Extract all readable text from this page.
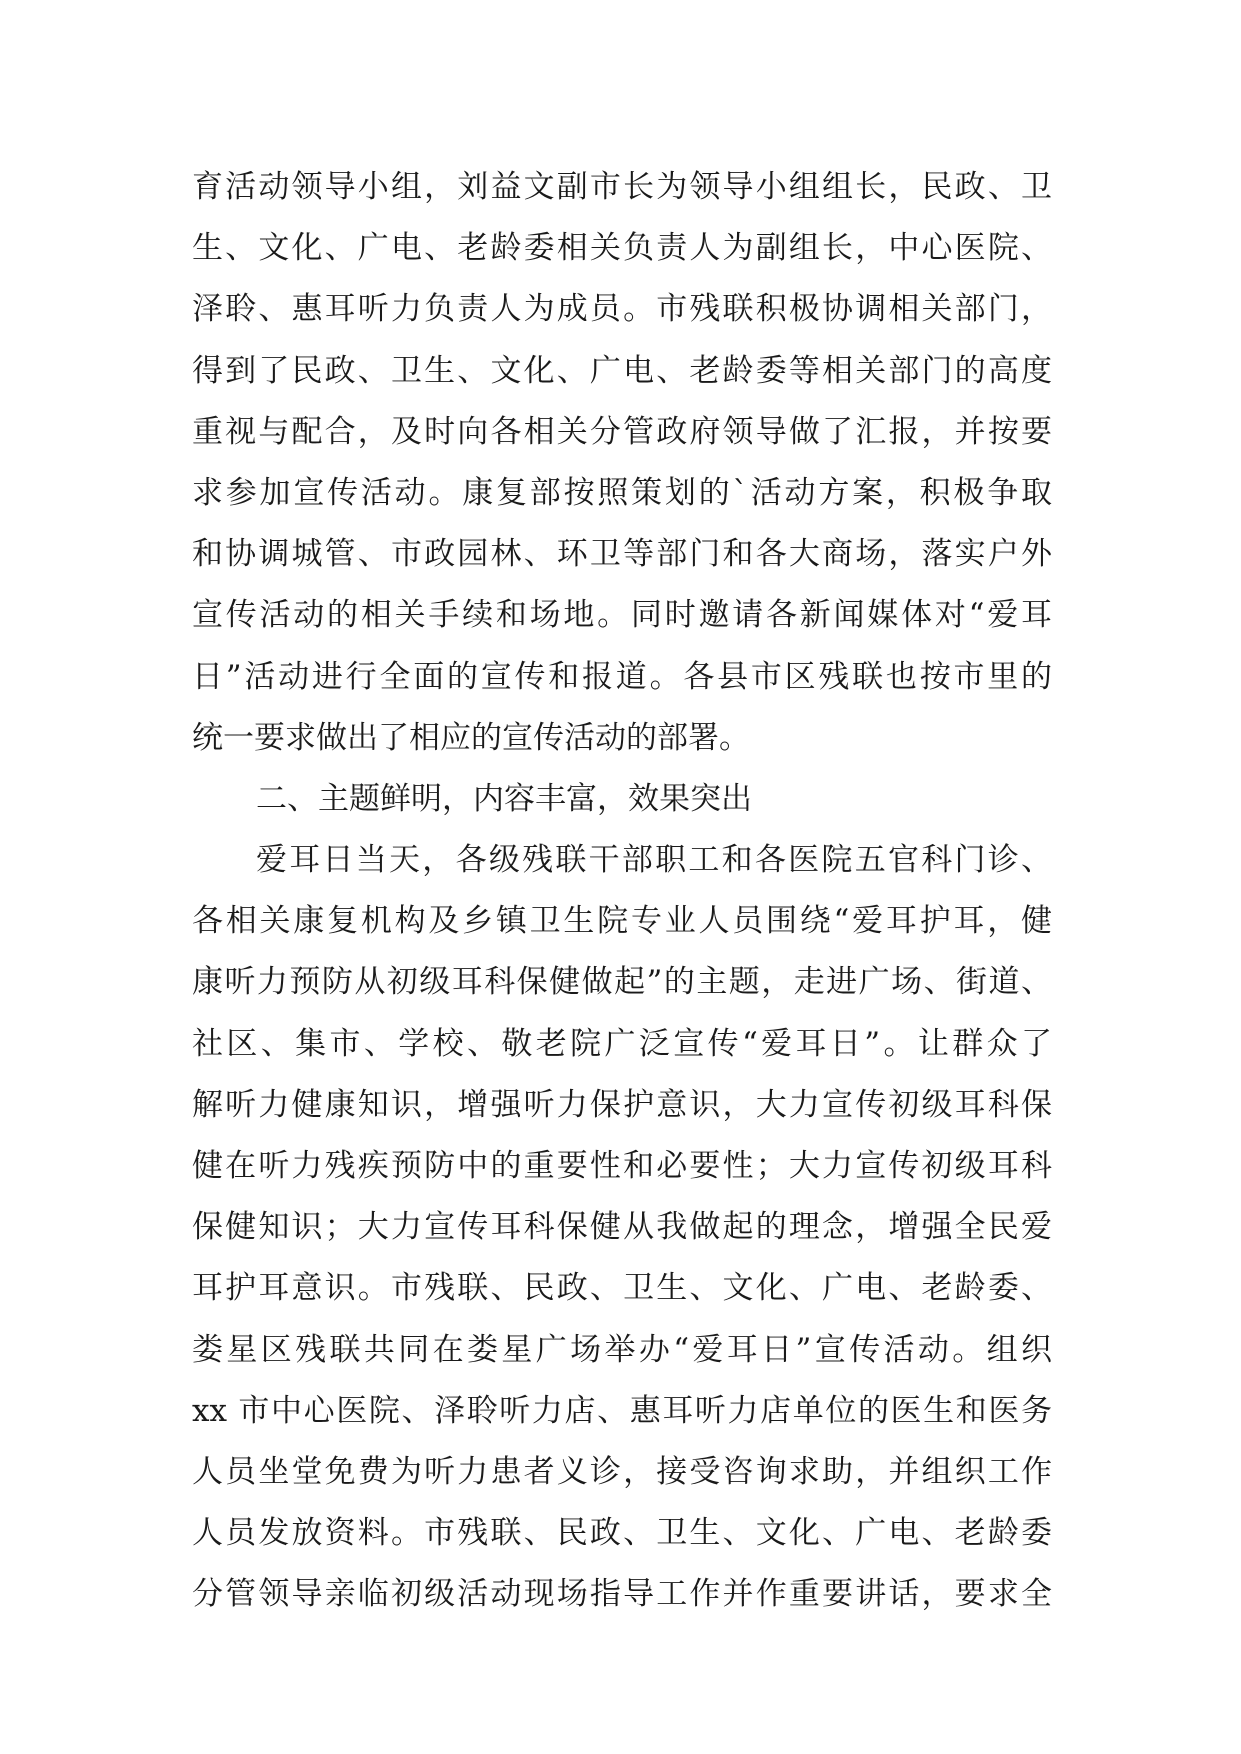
育活动领导小组，刘益文副市长为领导小组组长，民政、卫
生、文化、广电、老龄委相关负责人为副组长，中心医院、
泽聆、惠耳听力负责人为成员。市残联积极协调相关部门，
得到了民政、卫生、文化、广电、老龄委等相关部门的高度
重视与配合，及时向各相关分管政府领导做了汇报，并按要
求参加宣传活动。康复部按照策划的`活动方案，积极争取
和协调城管、市政园林、环卫等部门和各大商场，落实户外
宣传活动的相关手续和场地。同时邀请各新闻媒体对“爱耳
日”活动进行全面的宣传和报道。各县市区残联也按市里的
统一要求做出了相应的宣传活动的部署。
二、主题鲜明，内容丰富，效果突出
爱耳日当天，各级残联干部职工和各医院五官科门诊、
各相关康复机构及乡镇卫生院专业人员围绕“爱耳护耳，健
康听力预防从初级耳科保健做起”的主题，走进广场、街道、
社区、集市、学校、敬老院广泛宣传“爱耳日”。让群众了
解听力健康知识，增强听力保护意识，大力宣传初级耳科保
健在听力残疾预防中的重要性和必要性；大力宣传初级耳科
保健知识；大力宣传耳科保健从我做起的理念，增强全民爱
耳护耳意识。市残联、民政、卫生、文化、广电、老龄委、
娄星区残联共同在娄星广场举办“爱耳日”宣传活动。组织
xx 市中心医院、泽聆听力店、惠耳听力店单位的医生和医务
人员坐堂免费为听力患者义诊，接受咨询求助，并组织工作
人员发放资料。市残联、民政、卫生、文化、广电、老龄委
分管领导亲临初级活动现场指导工作并作重要讲话，要求全
